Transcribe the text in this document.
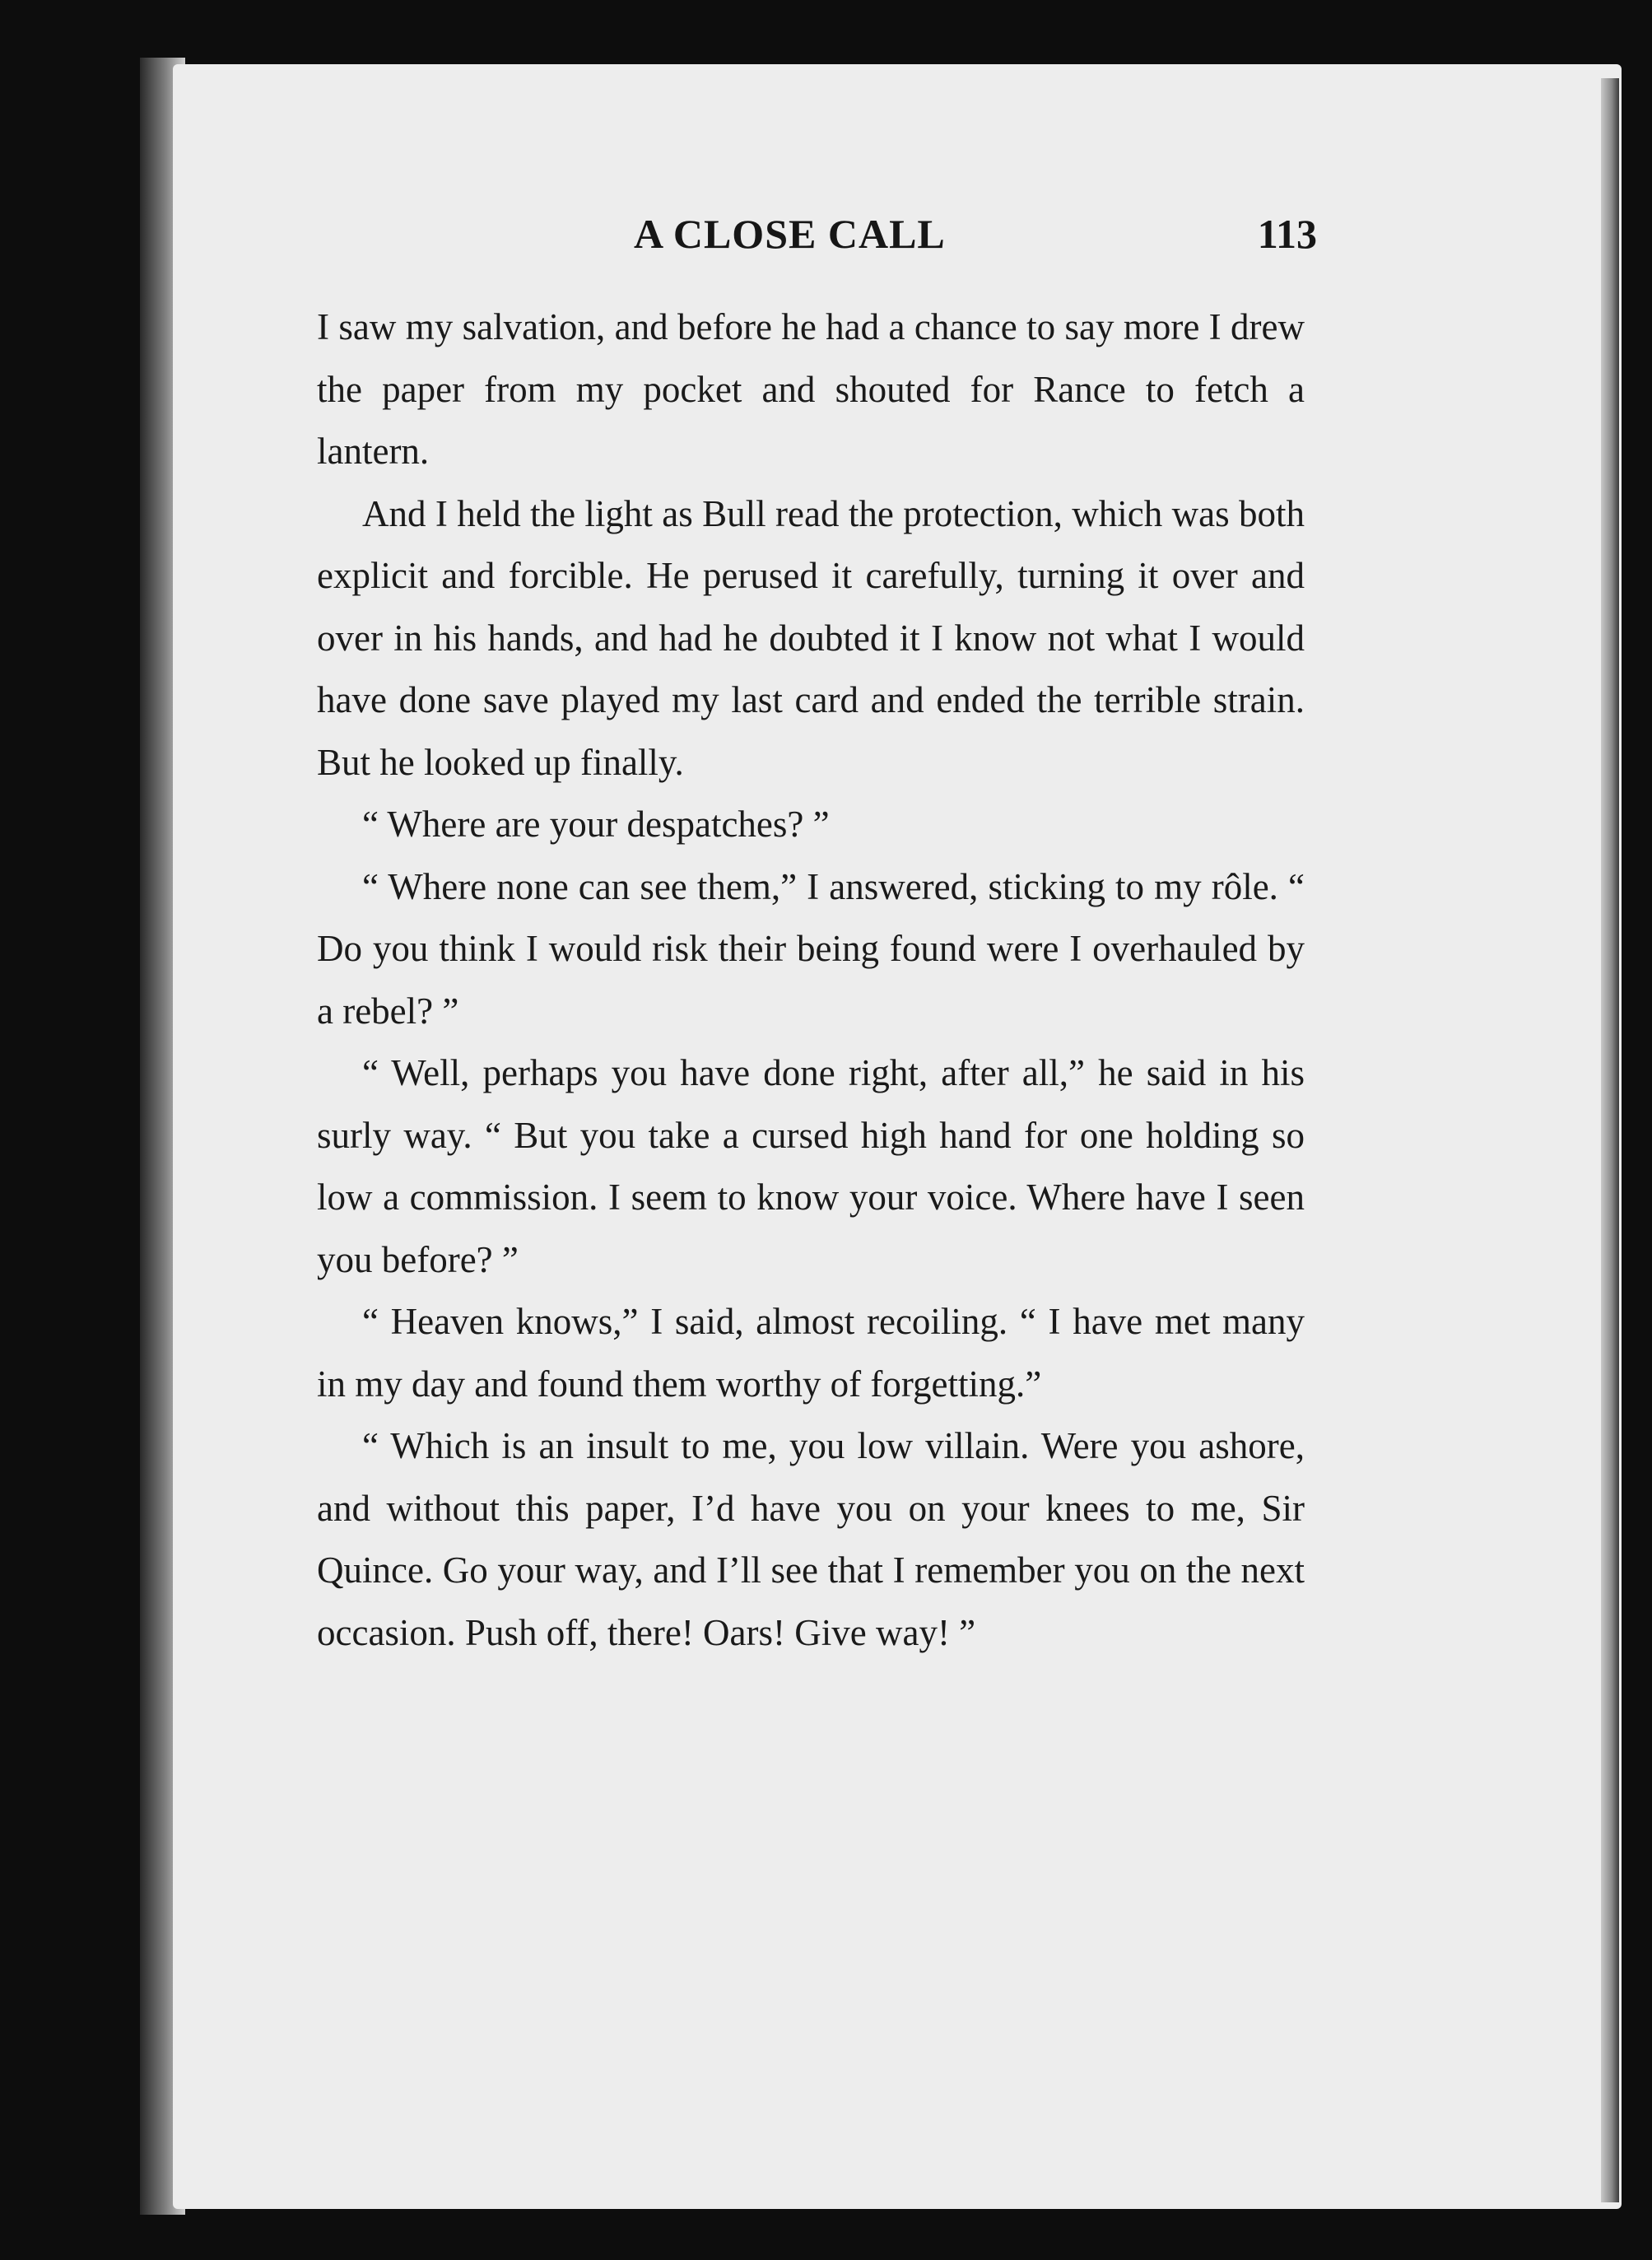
A CLOSE CALL	113

I saw my salvation, and before he had a chance to say more I drew the paper from my pocket and shouted for Rance to fetch a lantern.

And I held the light as Bull read the protection, which was both explicit and forcible. He perused it carefully, turning it over and over in his hands, and had he doubted it I know not what I would have done save played my last card and ended the terrible strain. But he looked up finally.

“ Where are your despatches? ”

“ Where none can see them,” I answered, sticking to my rôle. “ Do you think I would risk their being found were I overhauled by a rebel? ”

“ Well, perhaps you have done right, after all,” he said in his surly way. “ But you take a cursed high hand for one holding so low a commission. I seem to know your voice. Where have I seen you before? ”

“ Heaven knows,” I said, almost recoiling. “ I have met many in my day and found them worthy of forgetting.”

“ Which is an insult to me, you low villain. Were you ashore, and without this paper, I’d have you on your knees to me, Sir Quince. Go your way, and I’ll see that I remember you on the next occasion. Push off, there! Oars! Give way! ”
